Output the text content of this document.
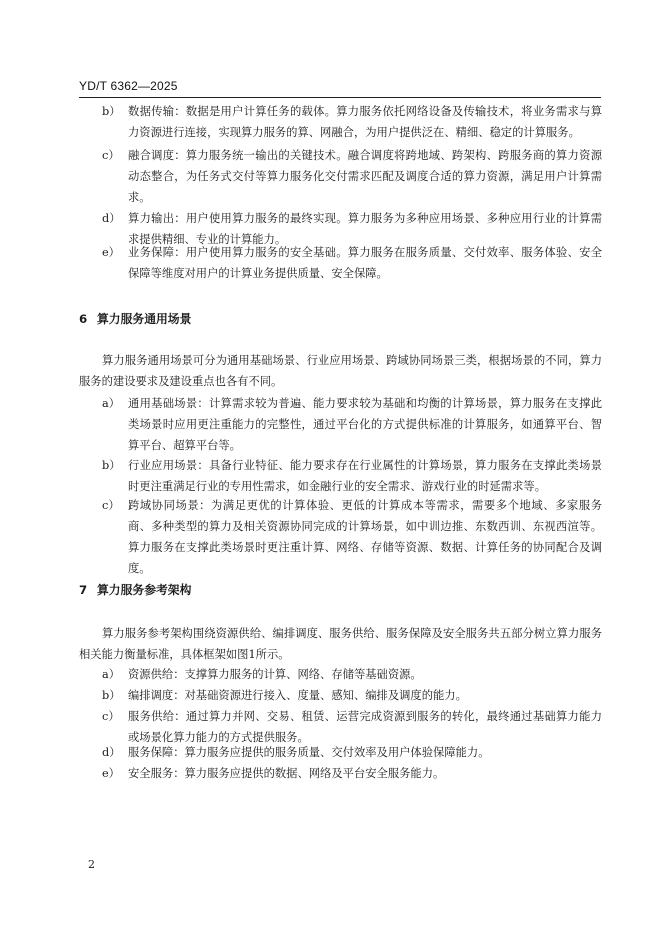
YD/T 6362—2025
b） 数据传输：数据是用户计算任务的载体。算力服务依托网络设备及传输技术，将业务需求与算力资源进行连接，实现算力服务的算、网融合，为用户提供泛在、精细、稳定的计算服务。
c） 融合调度：算力服务统一输出的关键技术。融合调度将跨地域、跨架构、跨服务商的算力资源动态整合，为任务式交付等算力服务化交付需求匹配及调度合适的算力资源，满足用户计算需求。
d） 算力输出：用户使用算力服务的最终实现。算力服务为多种应用场景、多种应用行业的计算需求提供精细、专业的计算能力。
e） 业务保障：用户使用算力服务的安全基础。算力服务在服务质量、交付效率、服务体验、安全保障等维度对用户的计算业务提供质量、安全保障。
6 算力服务通用场景
算力服务通用场景可分为通用基础场景、行业应用场景、跨域协同场景三类，根据场景的不同，算力服务的建设要求及建设重点也各有不同。
a） 通用基础场景：计算需求较为普遍、能力要求较为基础和均衡的计算场景，算力服务在支撑此类场景时应用更注重能力的完整性，通过平台化的方式提供标准的计算服务，如通算平台、智算平台、超算平台等。
b） 行业应用场景：具备行业特征、能力要求存在行业属性的计算场景，算力服务在支撑此类场景时更注重满足行业的专用性需求，如金融行业的安全需求、游戏行业的时延需求等。
c） 跨域协同场景：为满足更优的计算体验、更低的计算成本等需求，需要多个地域、多家服务商、多种类型的算力及相关资源协同完成的计算场景，如中训边推、东数西训、东视西渲等。算力服务在支撑此类场景时更注重计算、网络、存储等资源、数据、计算任务的协同配合及调度。
7 算力服务参考架构
算力服务参考架构围绕资源供给、编排调度、服务供给、服务保障及安全服务共五部分树立算力服务相关能力衡量标准，具体框架如图1所示。
a） 资源供给：支撑算力服务的计算、网络、存储等基础资源。
b） 编排调度：对基础资源进行接入、度量、感知、编排及调度的能力。
c） 服务供给：通过算力并网、交易、租赁、运营完成资源到服务的转化，最终通过基础算力能力或场景化算力能力的方式提供服务。
d） 服务保障：算力服务应提供的服务质量、交付效率及用户体验保障能力。
e） 安全服务：算力服务应提供的数据、网络及平台安全服务能力。
2
